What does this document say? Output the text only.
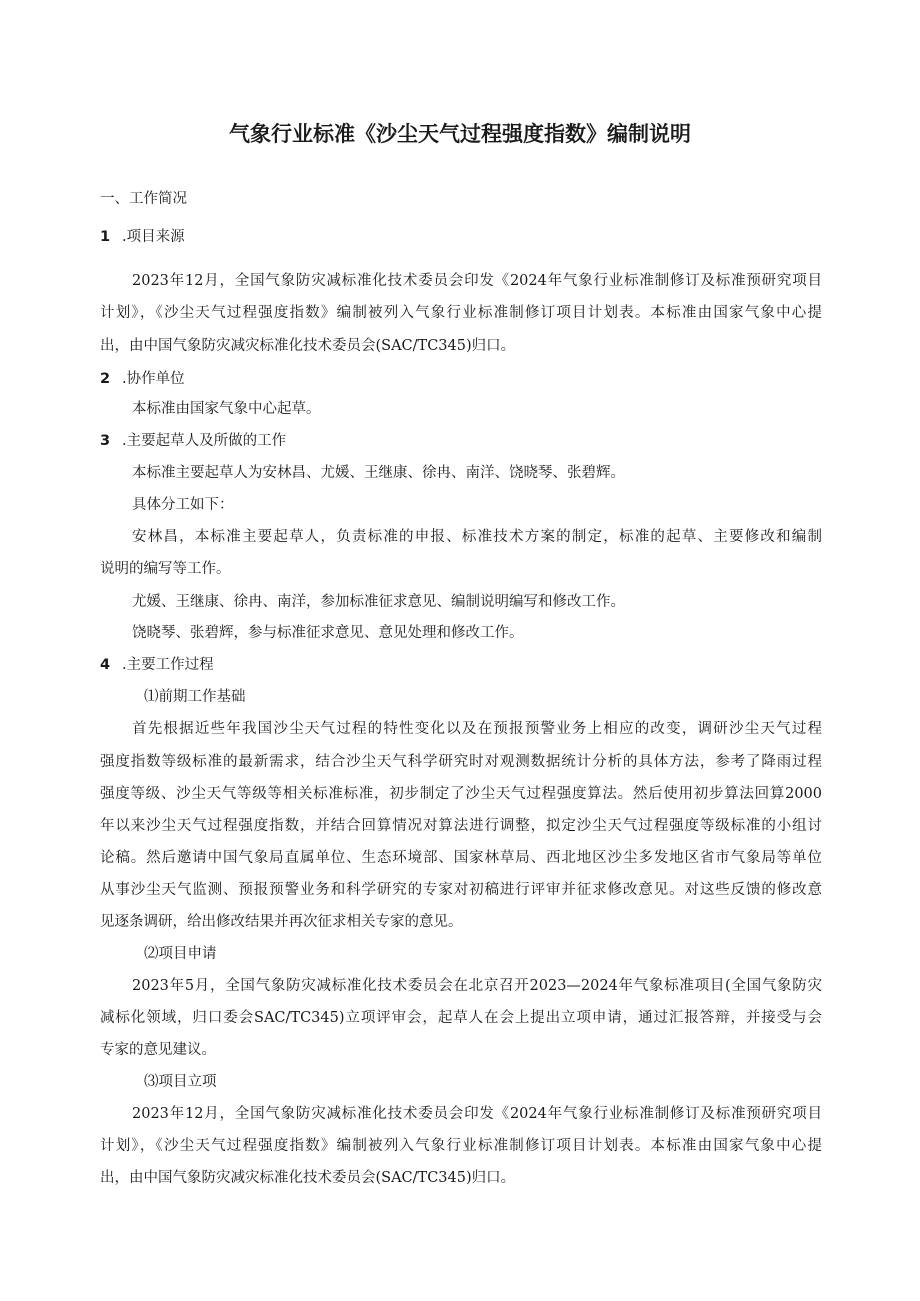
气象行业标准《沙尘天气过程强度指数》编制说明

一、工作简况

1 .项目来源

2023年12月，全国气象防灾减标准化技术委员会印发《2024年气象行业标准制修订及标准预研究项目

计划》，《沙尘天气过程强度指数》编制被列入气象行业标准制修订项目计划表。本标准由国家气象中心提

出，由中国气象防灾减灾标准化技术委员会(SAC/TC345)归口。

2 .协作单位

本标准由国家气象中心起草。

3 .主要起草人及所做的工作

本标准主要起草人为安林昌、尤媛、王继康、徐冉、南洋、饶晓琴、张碧辉。

具体分工如下：

安林昌，本标准主要起草人，负责标准的申报、标准技术方案的制定，标准的起草、主要修改和编制

说明的编写等工作。

尤媛、王继康、徐冉、南洋，参加标准征求意见、编制说明编写和修改工作。

饶晓琴、张碧辉，参与标准征求意见、意见处理和修改工作。

4 .主要工作过程

⑴前期工作基础

首先根据近些年我国沙尘天气过程的特性变化以及在预报预警业务上相应的改变，调研沙尘天气过程

强度指数等级标准的最新需求，结合沙尘天气科学研究时对观测数据统计分析的具体方法，参考了降雨过程

强度等级、沙尘天气等级等相关标准标准，初步制定了沙尘天气过程强度算法。然后使用初步算法回算2000

年以来沙尘天气过程强度指数，并结合回算情况对算法进行调整，拟定沙尘天气过程强度等级标准的小组讨

论稿。然后邀请中国气象局直属单位、生态环境部、国家林草局、西北地区沙尘多发地区省市气象局等单位

从事沙尘天气监测、预报预警业务和科学研究的专家对初稿进行评审并征求修改意见。对这些反馈的修改意

见逐条调研，给出修改结果并再次征求相关专家的意见。

⑵项目申请

2023年5月，全国气象防灾减标准化技术委员会在北京召开2023—2024年气象标准项目(全国气象防灾

减标化领域，归口委会SAC/TC345)立项评审会，起草人在会上提出立项申请，通过汇报答辩，并接受与会

专家的意见建议。

⑶项目立项

2023年12月，全国气象防灾减标准化技术委员会印发《2024年气象行业标准制修订及标准预研究项目

计划》，《沙尘天气过程强度指数》编制被列入气象行业标准制修订项目计划表。本标准由国家气象中心提

出，由中国气象防灾减灾标准化技术委员会(SAC/TC345)归口。
